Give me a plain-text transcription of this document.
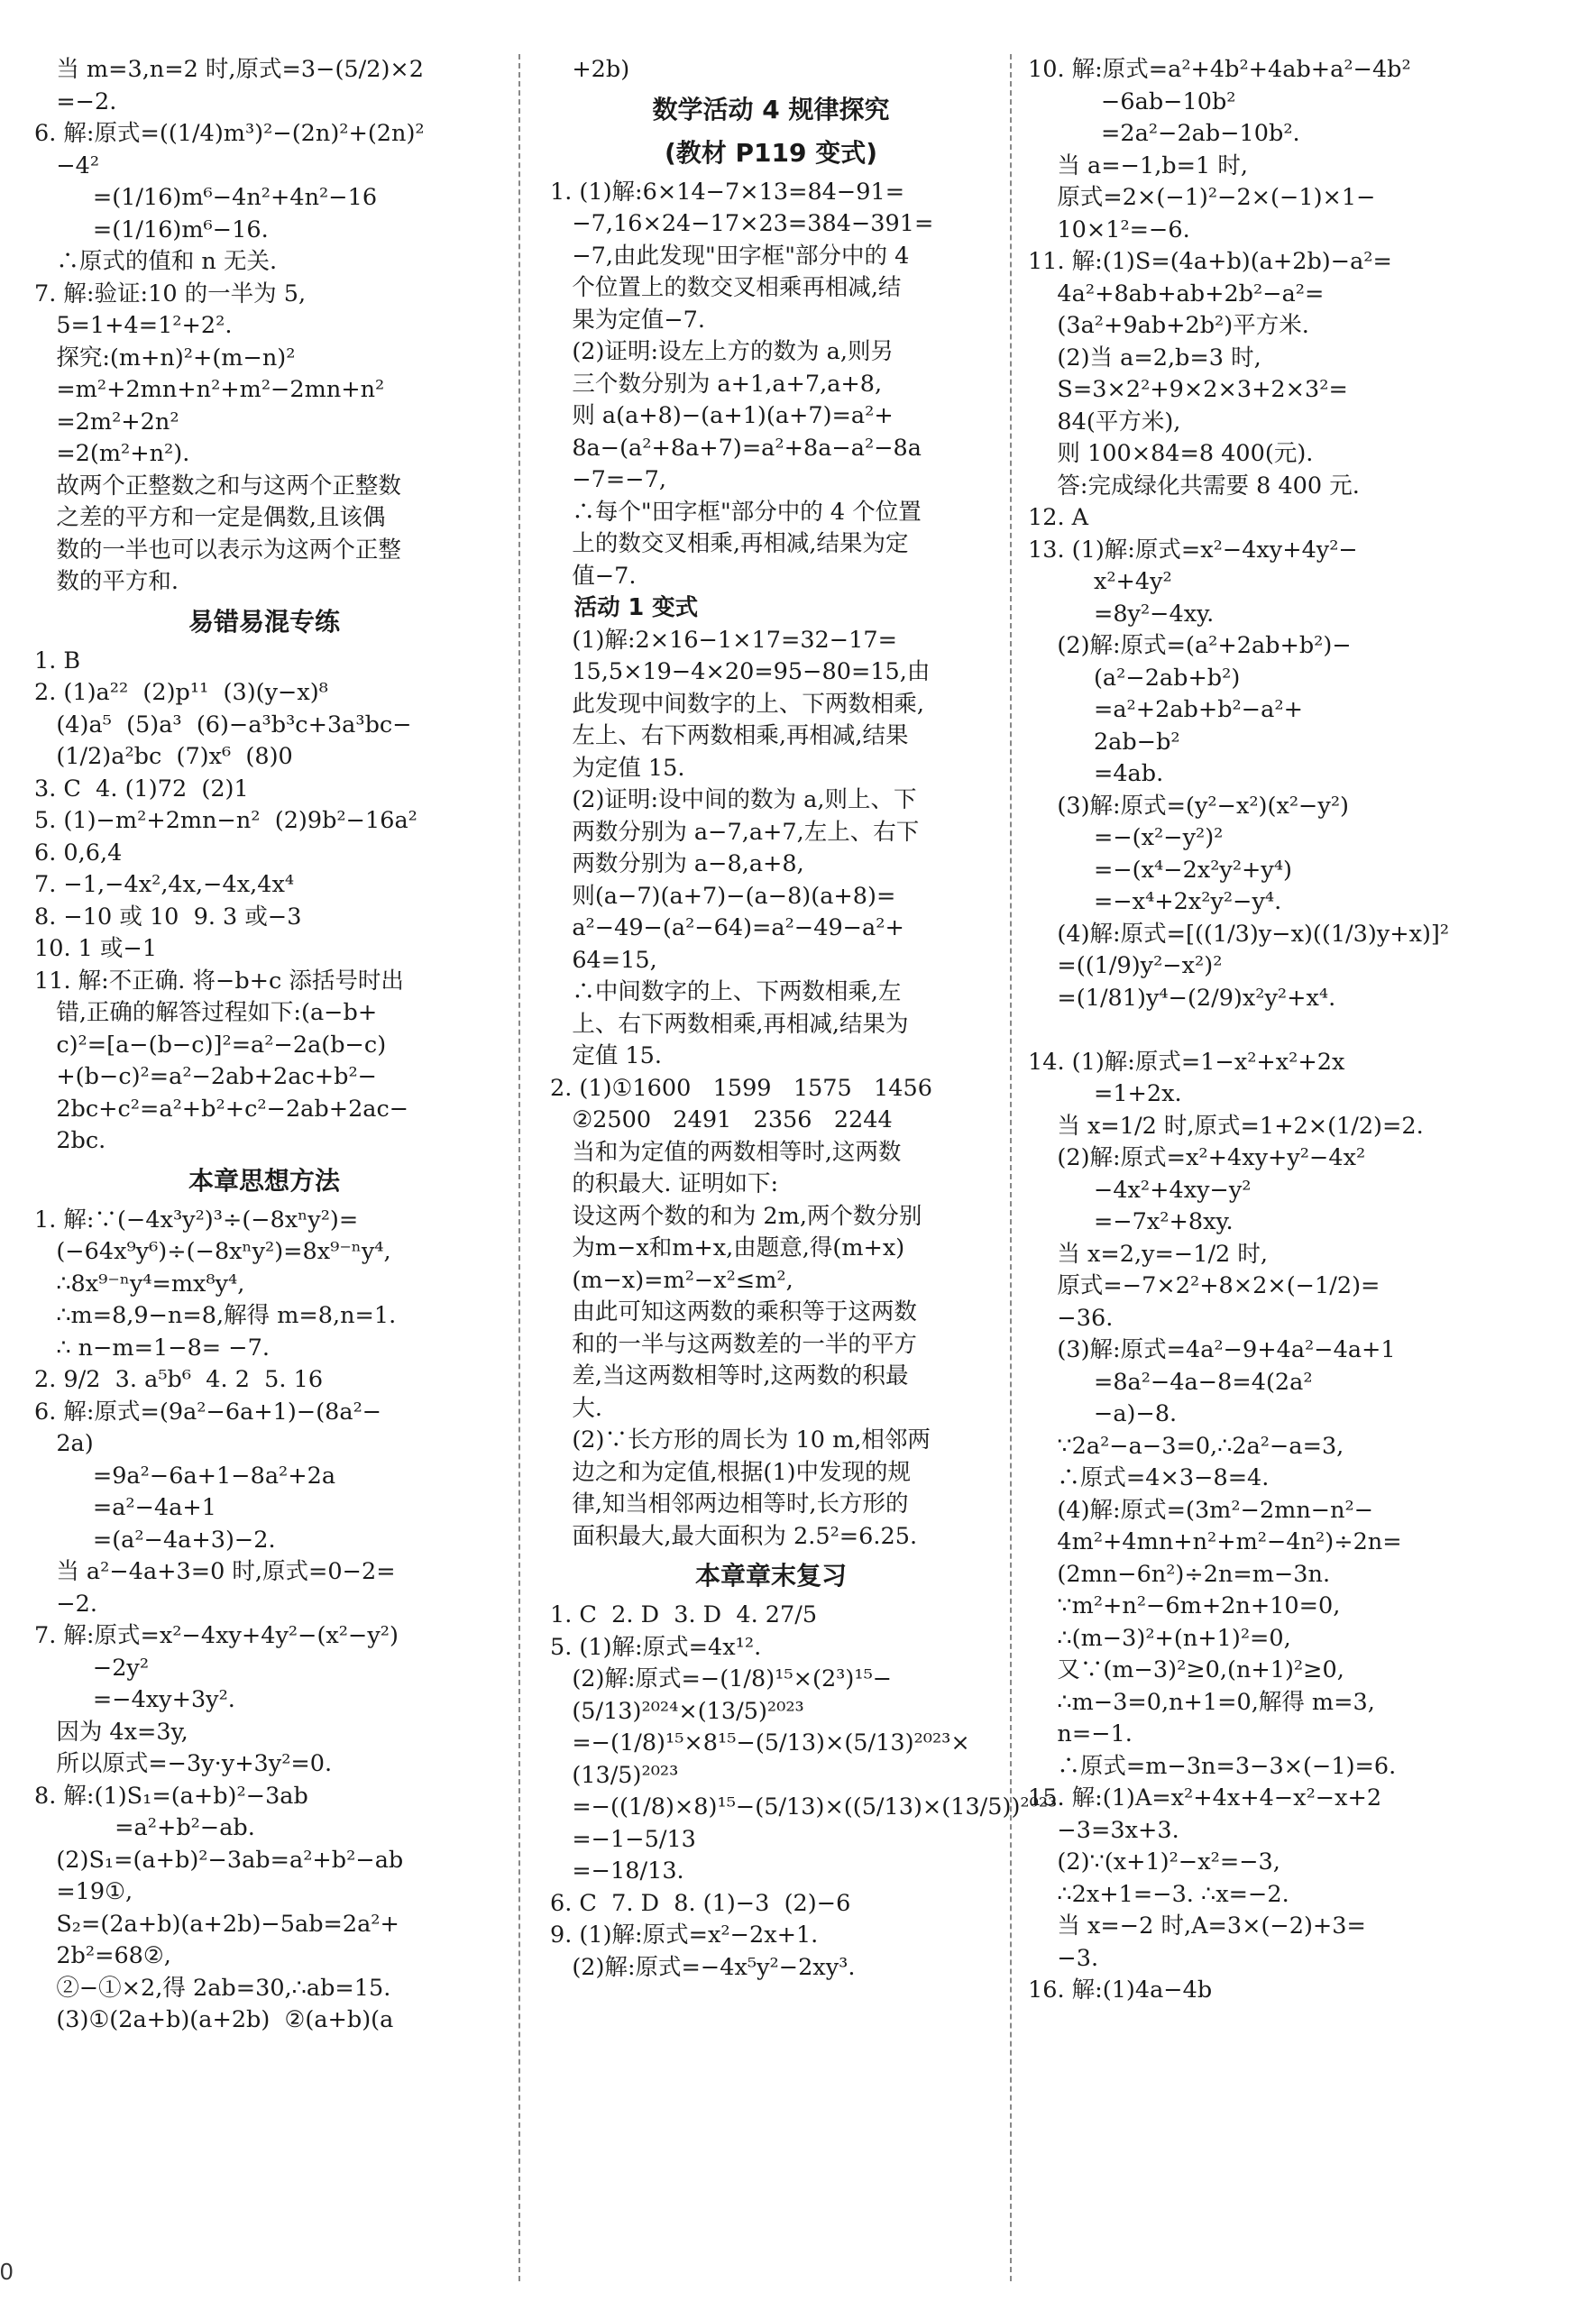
当 m=3,n=2 时,原式=3−(5/2)×2
=−2.
6. 解:原式=((1/4)m³)²−(2n)²+(2n)²
−4²
=(1/16)m⁶−4n²+4n²−16
=(1/16)m⁶−16.
∴原式的值和 n 无关.
7. 解:验证:10 的一半为 5,
5=1+4=1²+2².
探究:(m+n)²+(m−n)²
=m²+2mn+n²+m²−2mn+n²
=2m²+2n²
=2(m²+n²).
故两个正整数之和与这两个正整数
之差的平方和一定是偶数,且该偶
数的一半也可以表示为这两个正整
数的平方和.
易错易混专练
1. B
2. (1)a²²  (2)p¹¹  (3)(y−x)⁸
(4)a⁵  (5)a³  (6)−a³b³c+3a³bc−
(1/2)a²bc  (7)x⁶  (8)0
3. C  4. (1)72  (2)1
5. (1)−m²+2mn−n²  (2)9b²−16a²
6. 0,6,4
7. −1,−4x²,4x,−4x,4x⁴
8. −10 或 10  9. 3 或−3
10. 1 或−1
11. 解:不正确. 将−b+c 添括号时出
错,正确的解答过程如下:(a−b+
c)²=[a−(b−c)]²=a²−2a(b−c)
+(b−c)²=a²−2ab+2ac+b²−
2bc+c²=a²+b²+c²−2ab+2ac−
2bc.
本章思想方法
1. 解:∵(−4x³y²)³÷(−8xⁿy²)=
(−64x⁹y⁶)÷(−8xⁿy²)=8x⁹⁻ⁿy⁴,
∴8x⁹⁻ⁿy⁴=mx⁸y⁴,
∴m=8,9−n=8,解得 m=8,n=1.
∴ n−m=1−8= −7.
2. 9/2  3. a⁵b⁶  4. 2  5. 16
6. 解:原式=(9a²−6a+1)−(8a²−
2a)
=9a²−6a+1−8a²+2a
=a²−4a+1
=(a²−4a+3)−2.
当 a²−4a+3=0 时,原式=0−2=
−2.
7. 解:原式=x²−4xy+4y²−(x²−y²)
−2y²
=−4xy+3y².
因为 4x=3y,
所以原式=−3y·y+3y²=0.
8. 解:(1)S₁=(a+b)²−3ab
=a²+b²−ab.
(2)S₁=(a+b)²−3ab=a²+b²−ab
=19①,
S₂=(2a+b)(a+2b)−5ab=2a²+
2b²=68②,
②−①×2,得 2ab=30,∴ab=15.
(3)①(2a+b)(a+2b)  ②(a+b)(a
+2b)
数学活动 4 规律探究
(教材 P119 变式)
1. (1)解:6×14−7×13=84−91=
−7,16×24−17×23=384−391=
−7,由此发现"田字框"部分中的 4
个位置上的数交叉相乘再相减,结
果为定值−7.
(2)证明:设左上方的数为 a,则另
三个数分别为 a+1,a+7,a+8,
则 a(a+8)−(a+1)(a+7)=a²+
8a−(a²+8a+7)=a²+8a−a²−8a
−7=−7,
∴每个"田字框"部分中的 4 个位置
上的数交叉相乘,再相减,结果为定
值−7.
活动 1 变式
(1)解:2×16−1×17=32−17=
15,5×19−4×20=95−80=15,由
此发现中间数字的上、下两数相乘,
左上、右下两数相乘,再相减,结果
为定值 15.
(2)证明:设中间的数为 a,则上、下
两数分别为 a−7,a+7,左上、右下
两数分别为 a−8,a+8,
则(a−7)(a+7)−(a−8)(a+8)=
a²−49−(a²−64)=a²−49−a²+
64=15,
∴中间数字的上、下两数相乘,左
上、右下两数相乘,再相减,结果为
定值 15.
2. (1)①1600   1599   1575   1456
②2500   2491   2356   2244
当和为定值的两数相等时,这两数
的积最大. 证明如下:
设这两个数的和为 2m,两个数分别
为m−x和m+x,由题意,得(m+x)
(m−x)=m²−x²≤m²,
由此可知这两数的乘积等于这两数
和的一半与这两数差的一半的平方
差,当这两数相等时,这两数的积最
大.
(2)∵长方形的周长为 10 m,相邻两
边之和为定值,根据(1)中发现的规
律,知当相邻两边相等时,长方形的
面积最大,最大面积为 2.5²=6.25.
本章章末复习
1. C  2. D  3. D  4. 27/5
5. (1)解:原式=4x¹².
(2)解:原式=−(1/8)¹⁵×(2³)¹⁵−
(5/13)²⁰²⁴×(13/5)²⁰²³
=−(1/8)¹⁵×8¹⁵−(5/13)×(5/13)²⁰²³×
(13/5)²⁰²³
=−((1/8)×8)¹⁵−(5/13)×((5/13)×(13/5))²⁰²³
=−1−5/13
=−18/13.
6. C  7. D  8. (1)−3  (2)−6
9. (1)解:原式=x²−2x+1.
(2)解:原式=−4x⁵y²−2xy³.
10. 解:原式=a²+4b²+4ab+a²−4b²
−6ab−10b²
=2a²−2ab−10b².
当 a=−1,b=1 时,
原式=2×(−1)²−2×(−1)×1−
10×1²=−6.
11. 解:(1)S=(4a+b)(a+2b)−a²=
4a²+8ab+ab+2b²−a²=
(3a²+9ab+2b²)平方米.
(2)当 a=2,b=3 时,
S=3×2²+9×2×3+2×3²=
84(平方米),
则 100×84=8 400(元).
答:完成绿化共需要 8 400 元.
12. A
13. (1)解:原式=x²−4xy+4y²−
x²+4y²
=8y²−4xy.
(2)解:原式=(a²+2ab+b²)−
(a²−2ab+b²)
=a²+2ab+b²−a²+
2ab−b²
=4ab.
(3)解:原式=(y²−x²)(x²−y²)
=−(x²−y²)²
=−(x⁴−2x²y²+y⁴)
=−x⁴+2x²y²−y⁴.
(4)解:原式=[((1/3)y−x)((1/3)y+x)]²
=((1/9)y²−x²)²
=(1/81)y⁴−(2/9)x²y²+x⁴.

14. (1)解:原式=1−x²+x²+2x
=1+2x.
当 x=1/2 时,原式=1+2×(1/2)=2.
(2)解:原式=x²+4xy+y²−4x²
−4x²+4xy−y²
=−7x²+8xy.
当 x=2,y=−1/2 时,
原式=−7×2²+8×2×(−1/2)=
−36.
(3)解:原式=4a²−9+4a²−4a+1
=8a²−4a−8=4(2a²
−a)−8.
∵2a²−a−3=0,∴2a²−a=3,
∴原式=4×3−8=4.
(4)解:原式=(3m²−2mn−n²−
4m²+4mn+n²+m²−4n²)÷2n=
(2mn−6n²)÷2n=m−3n.
∵m²+n²−6m+2n+10=0,
∴(m−3)²+(n+1)²=0,
又∵(m−3)²≥0,(n+1)²≥0,
∴m−3=0,n+1=0,解得 m=3,
n=−1.
∴原式=m−3n=3−3×(−1)=6.
15. 解:(1)A=x²+4x+4−x²−x+2
−3=3x+3.
(2)∵(x+1)²−x²=−3,
∴2x+1=−3. ∴x=−2.
当 x=−2 时,A=3×(−2)+3=
−3.
16. 解:(1)4a−4b
0
